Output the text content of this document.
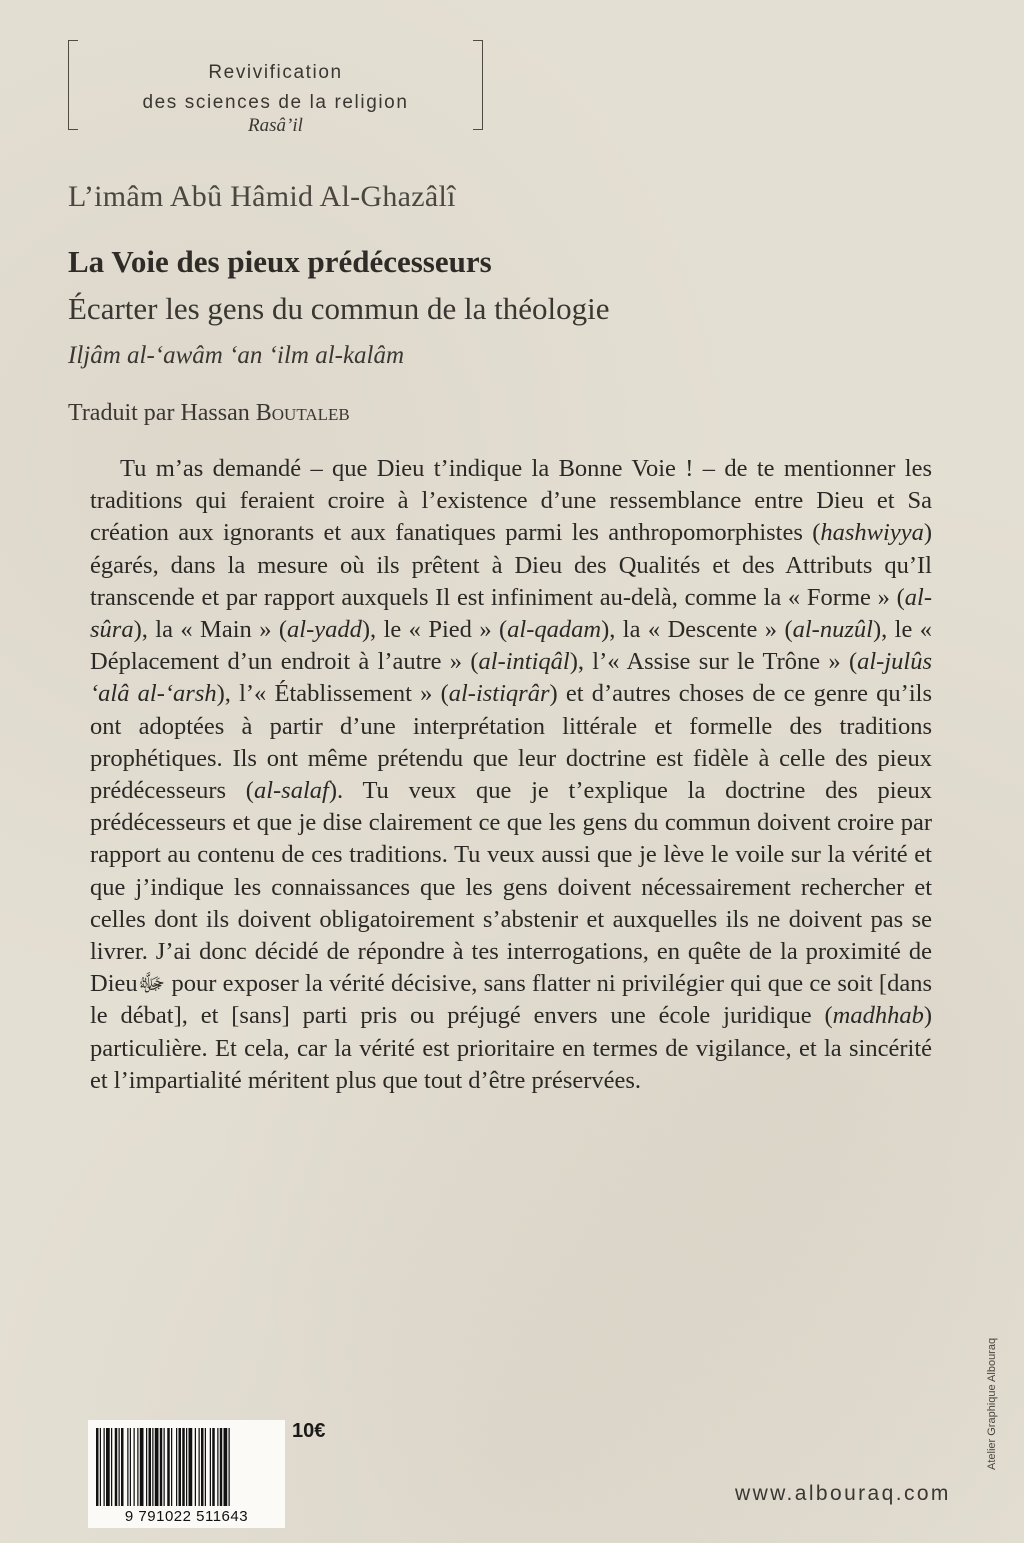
Revivification
des sciences de la religion
Rasâ’il
L’imâm Abû Hâmid Al-Ghazâlî
La Voie des pieux prédécesseurs
Écarter les gens du commun de la théologie
Iljâm al-‘awâm ‘an ‘ilm al-kalâm
Traduit par Hassan Boutaleb
Tu m’as demandé – que Dieu t’indique la Bonne Voie ! – de te mentionner les traditions qui feraient croire à l’existence d’une ressemblance entre Dieu et Sa création aux ignorants et aux fanatiques parmi les anthropomorphistes (hashwiyya) égarés, dans la mesure où ils prêtent à Dieu des Qualités et des Attributs qu’Il transcende et par rapport auxquels Il est infiniment au-delà, comme la « Forme » (al-sûra), la « Main » (al-yadd), le « Pied » (al-qadam), la « Descente » (al-nuzûl), le « Déplacement d’un endroit à l’autre » (al-intiqâl), l’« Assise sur le Trône » (al-julûs ‘alâ al-‘arsh), l’« Établissement » (al-istiqrâr) et d’autres choses de ce genre qu’ils ont adoptées à partir d’une interprétation littérale et formelle des traditions prophétiques. Ils ont même prétendu que leur doctrine est fidèle à celle des pieux prédécesseurs (al-salaf). Tu veux que je t’explique la doctrine des pieux prédécesseurs et que je dise clairement ce que les gens du commun doivent croire par rapport au contenu de ces traditions. Tu veux aussi que je lève le voile sur la vérité et que j’indique les connaissances que les gens doivent nécessairement rechercher et celles dont ils doivent obligatoirement s’abstenir et auxquelles ils ne doivent pas se livrer. J’ai donc décidé de répondre à tes interrogations, en quête de la proximité de Dieuﷻ pour exposer la vérité décisive, sans flatter ni privilégier qui que ce soit [dans le débat], et [sans] parti pris ou préjugé envers une école juridique (madhhab) particulière. Et cela, car la vérité est prioritaire en termes de vigilance, et la sincérité et l’impartialité méritent plus que tout d’être préservées.
9 791022 511643
10€
www.albouraq.com
Atelier Graphique Albouraq
